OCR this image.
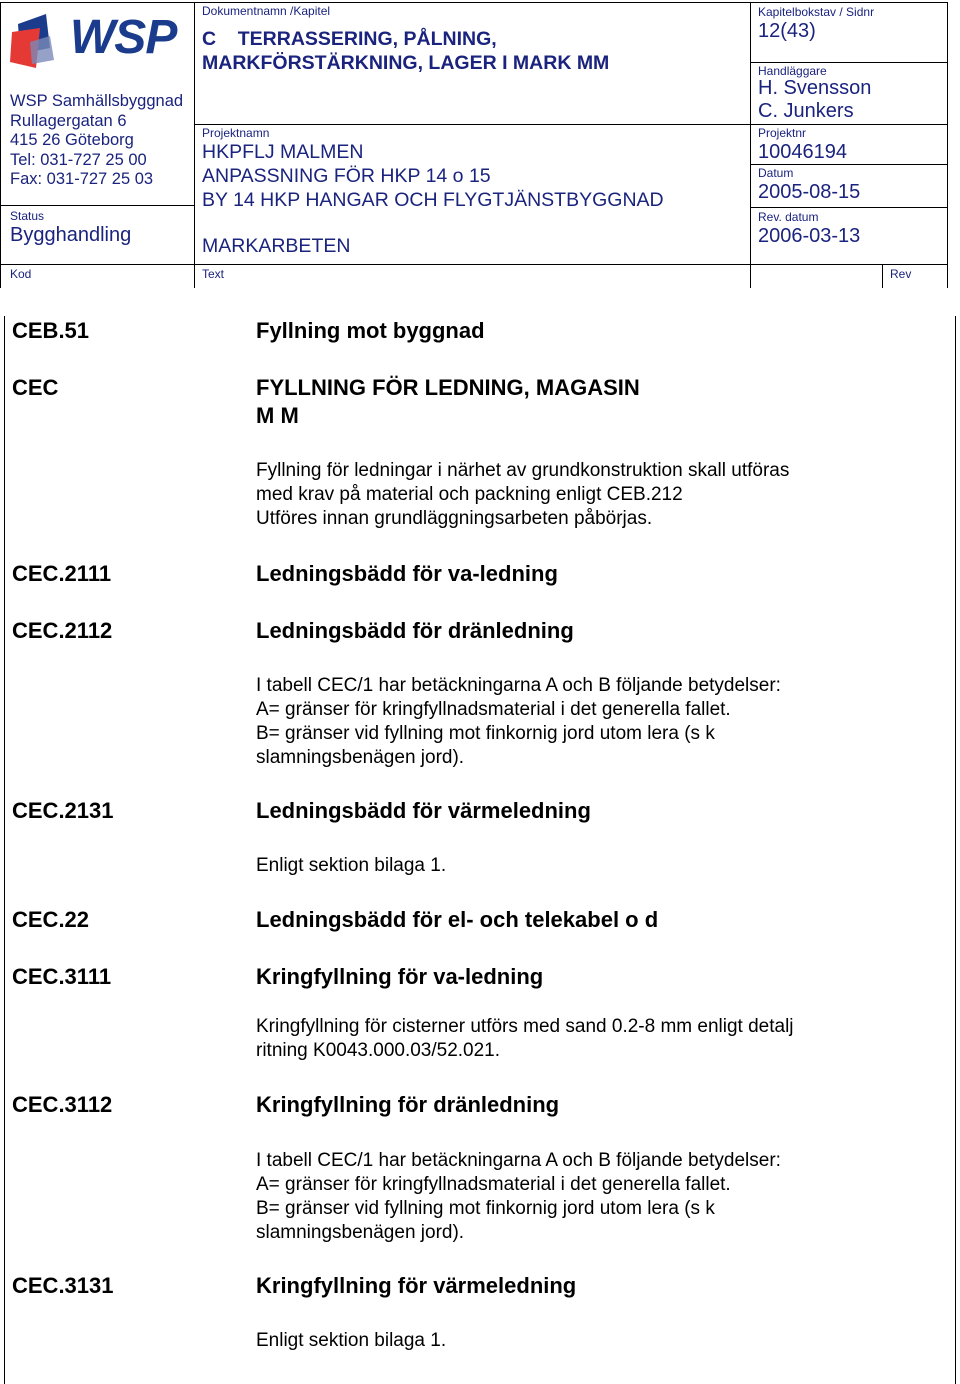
WSP
WSP Samhällsbyggnad
Rullagergatan 6
415 26 Göteborg
Tel: 031-727 25 00
Fax: 031-727 25 03
Status
Bygghandling
Dokumentnamn /Kapitel
C    TERRASSERING, PÅLNING,
MARKFÖRSTÄRKNING, LAGER I MARK MM
Projektnamn
HKPFLJ MALMEN
ANPASSNING FÖR HKP 14 o 15
BY 14 HKP HANGAR OCH FLYGTJÄNSTBYGGNAD
MARKARBETEN
Kapitelbokstav / Sidnr
12(43)
Handläggare
H. Svensson
C. Junkers
Projektnr
10046194
Datum
2005-08-15
Rev. datum
2006-03-13
Kod	Text	Rev
CEB.51	Fyllning mot byggnad
CEC	FYLLNING FÖR LEDNING, MAGASIN
M M
Fyllning för ledningar i närhet av grundkonstruktion skall utföras
med krav på material och packning enligt CEB.212
Utföres innan grundläggningsarbeten påbörjas.
CEC.2111	Ledningsbädd för va-ledning
CEC.2112	Ledningsbädd för dränledning
I tabell CEC/1 har betäckningarna A och B följande betydelser:
A= gränser för kringfyllnadsmaterial i det generella fallet.
B= gränser vid fyllning mot finkornig jord utom lera (s k
slamningsbenägen jord).
CEC.2131	Ledningsbädd för värmeledning
Enligt sektion bilaga 1.
CEC.22	Ledningsbädd för el- och telekabel o d
CEC.3111	Kringfyllning för va-ledning
Kringfyllning för cisterner utförs med sand 0.2-8 mm enligt detalj
ritning K0043.000.03/52.021.
CEC.3112	Kringfyllning för dränledning
I tabell CEC/1 har betäckningarna A och B följande betydelser:
A= gränser för kringfyllnadsmaterial i det generella fallet.
B= gränser vid fyllning mot finkornig jord utom lera (s k
slamningsbenägen jord).
CEC.3131	Kringfyllning för värmeledning
Enligt sektion bilaga 1.
